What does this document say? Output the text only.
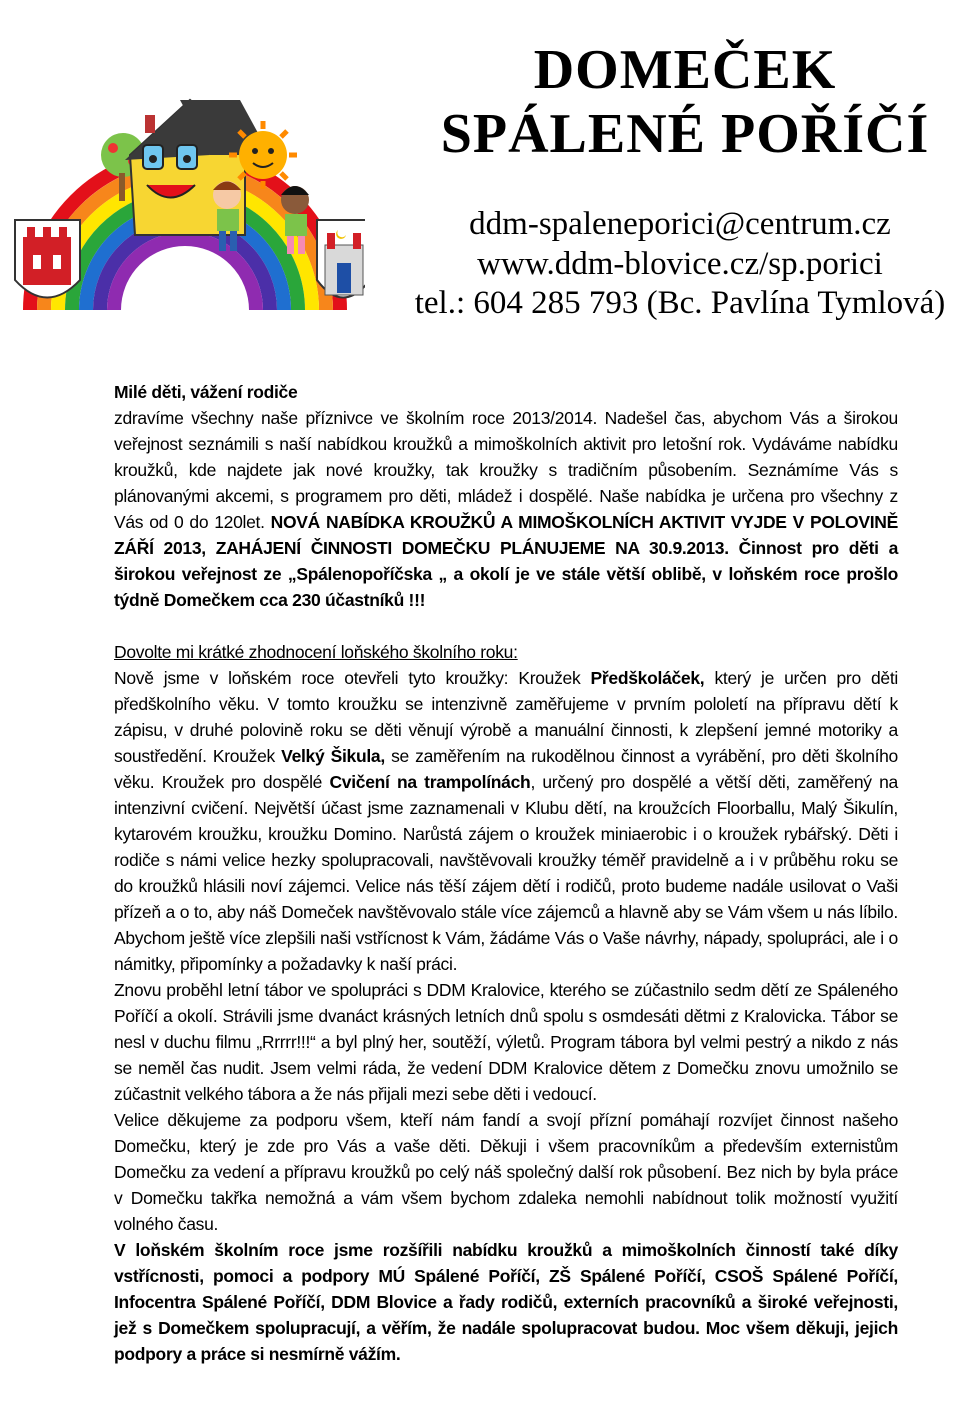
DOMEČEK
SPÁLENÉ POŘÍČÍ
ddm-spaleneporici@centrum.cz
www.ddm-blovice.cz/sp.porici
tel.: 604 285 793 (Bc. Pavlína Tymlová)

Milé děti, vážení rodiče

zdravíme všechny naše příznivce ve školním roce 2013/2014. Nadešel čas, abychom Vás a širokou veřejnost seznámili s naší nabídkou kroužků a mimoškolních aktivit pro letošní rok. Vydáváme nabídku kroužků, kde najdete jak nové kroužky, tak kroužky s tradičním působením. Seznámíme Vás s plánovanými akcemi, s programem pro děti, mládež i dospělé. Naše nabídka je určena pro všechny z Vás od 0 do 120let. NOVÁ NABÍDKA KROUŽKŮ A MIMOŠKOLNÍCH AKTIVIT VYJDE V POLOVINĚ ZÁŘÍ 2013, ZAHÁJENÍ ČINNOSTI DOMEČKU PLÁNUJEME NA 30.9.2013. Činnost pro děti a širokou veřejnost ze „Spálenopoříčska „ a okolí je ve stále větší oblibě, v loňském roce prošlo týdně Domečkem cca 230 účastníků !!!

Dovolte mi krátké zhodnocení loňského školního roku:

Nově jsme v loňském roce otevřeli tyto kroužky: Kroužek Předškoláček, který je určen pro děti předškolního věku. V tomto kroužku se intenzivně zaměřujeme v prvním pololetí na přípravu dětí k zápisu, v druhé polovině roku se děti věnují výrobě a manuální činnosti, k zlepšení jemné motoriky a soustředění. Kroužek Velký Šikula, se zaměřením na rukodělnou činnost a vyrábění, pro děti školního věku. Kroužek pro dospělé Cvičení na trampolínách, určený pro dospělé a větší děti, zaměřený na intenzivní cvičení. Největší účast jsme zaznamenali v Klubu dětí, na kroužcích Floorballu, Malý Šikulín, kytarovém kroužku, kroužku Domino. Narůstá zájem o kroužek miniaerobic i o kroužek rybářský. Děti i rodiče s námi velice hezky spolupracovali, navštěvovali kroužky téměř pravidelně a i v průběhu roku se do kroužků hlásili noví zájemci. Velice nás těší zájem dětí i rodičů, proto budeme nadále usilovat o Vaši přízeň a o to, aby náš Domeček navštěvovalo stále více zájemců a hlavně aby se Vám všem u nás líbilo. Abychom ještě více zlepšili naši vstřícnost k Vám, žádáme Vás o Vaše návrhy, nápady, spolupráci, ale i o námitky, připomínky a požadavky k naší práci.

Znovu proběhl letní tábor ve spolupráci s DDM Kralovice, kterého se zúčastnilo sedm dětí ze Spáleného Poříčí a okolí. Strávili jsme dvanáct krásných letních dnů spolu s osmdesáti dětmi z Kralovicka. Tábor se nesl v duchu filmu „Rrrrr!!!“ a byl plný her, soutěží, výletů. Program tábora byl velmi pestrý a nikdo z nás se neměl čas nudit. Jsem velmi ráda, že vedení DDM Kralovice dětem z Domečku znovu umožnilo se zúčastnit velkého tábora a že nás přijali mezi sebe děti i vedoucí.

Velice děkujeme za podporu všem, kteří nám fandí a svojí přízní pomáhají rozvíjet činnost našeho Domečku, který je zde pro Vás a vaše děti. Děkuji i všem pracovníkům a především externistům Domečku za vedení a přípravu kroužků po celý náš společný další rok působení. Bez nich by byla práce v Domečku takřka nemožná a vám všem bychom zdaleka nemohli nabídnout tolik možností využití volného času.

V loňském školním roce jsme rozšířili nabídku kroužků a mimoškolních činností také díky vstřícnosti, pomoci a podpory MÚ Spálené Poříčí, ZŠ Spálené Poříčí, CSOŠ Spálené Poříčí, Infocentra Spálené Poříčí, DDM Blovice a řady rodičů, externích pracovníků a široké veřejnosti, jež s Domečkem spolupracují, a věřím, že nadále spolupracovat budou. Moc všem děkuji, jejich podpory a práce si nesmírně vážím.
